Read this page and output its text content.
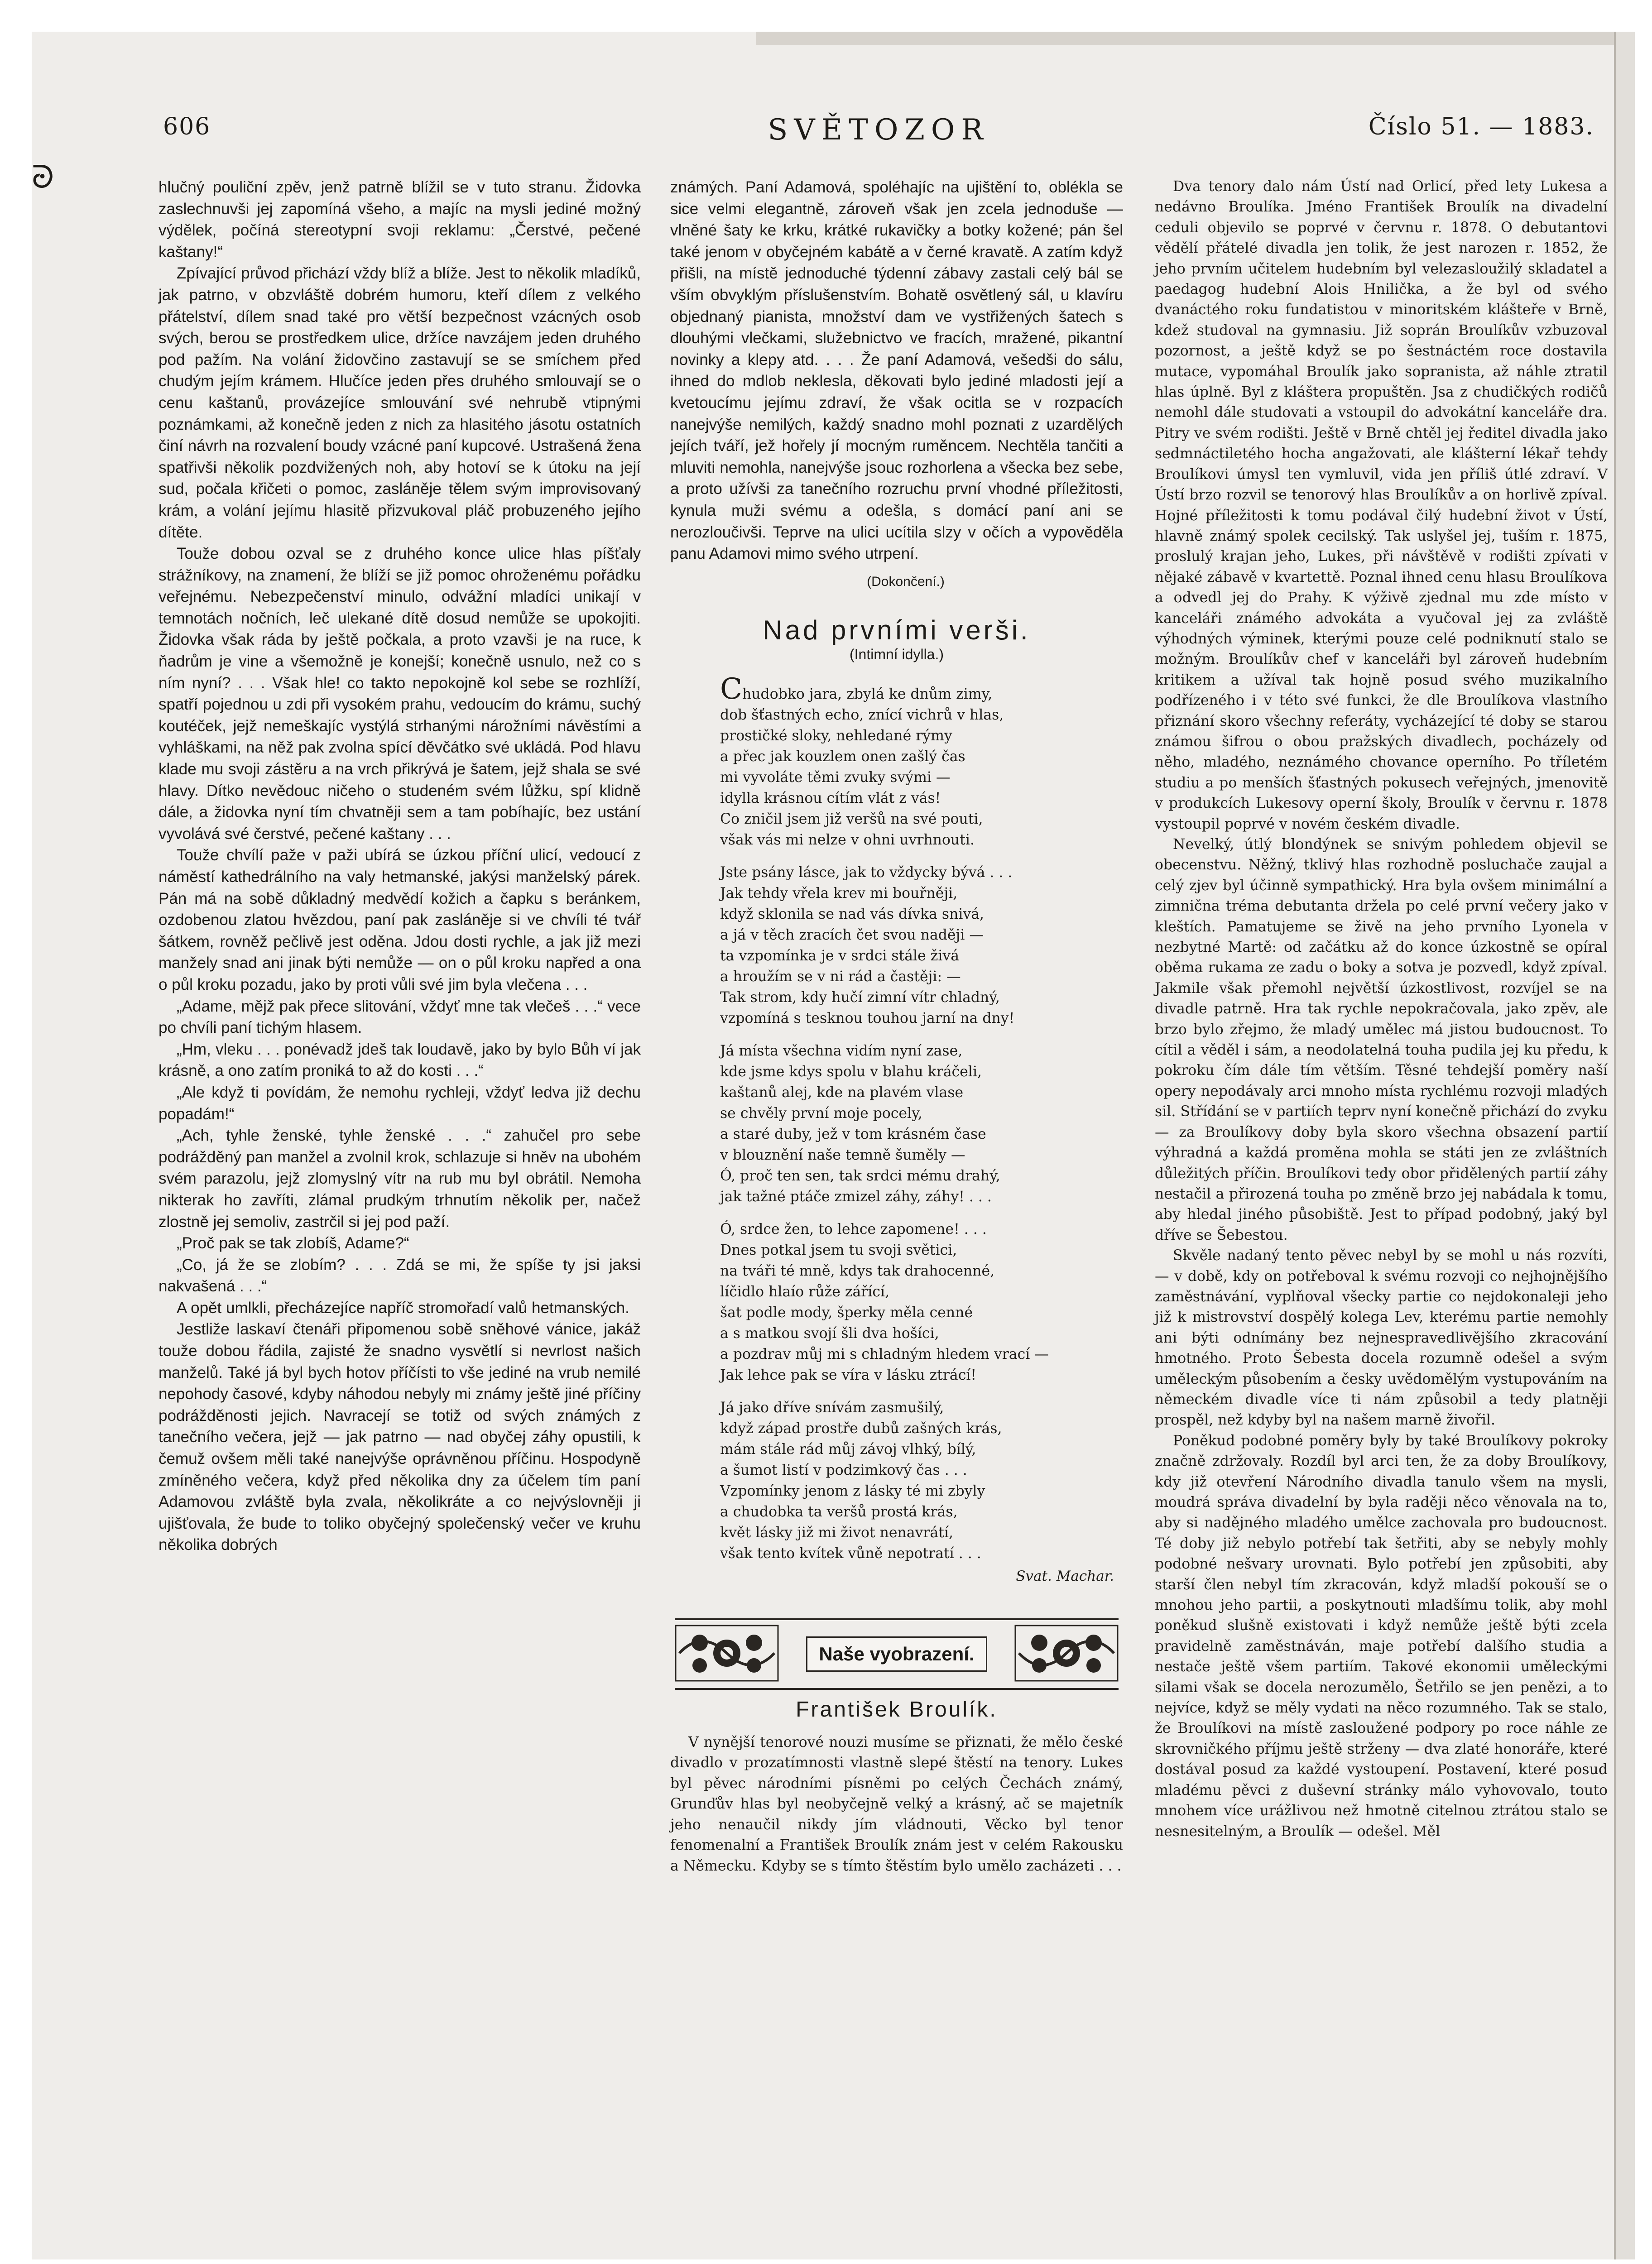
ᘒ
606	SVĚTOZOR	Číslo 51. — 1883.

hlučný pouliční zpěv, jenž patrně blížil se v tuto stranu. Židovka zaslechnuvši jej zapomíná všeho, a majíc na mysli jediné možný výdělek, počíná stereotypní svoji reklamu: „Čerstvé, pečené kaštany!“

Zpívající průvod přichází vždy blíž a blíže. Jest to několik mladíků, jak patrno, v obzvláště dobrém humoru, kteří dílem z velkého přátelství, dílem snad také pro větší bezpečnost vzácných osob svých, berou se prostředkem ulice, držíce navzájem jeden druhého pod pažím. Na volání židovčino zastavují se se smíchem před chudým jejím krámem. Hlučíce jeden přes druhého smlouvají se o cenu kaštanů, provázejíce smlouvání své nehrubě vtipnými poznámkami, až konečně jeden z nich za hlasitého jásotu ostatních činí návrh na rozvalení boudy vzácné paní kupcové. Ustrašená žena spatřivši několik pozdvižených noh, aby hotoví se k útoku na její sud, počala křičeti o pomoc, zasláněje tělem svým improvisovaný krám, a volání jejímu hlasitě přizvukoval pláč probuzeného jejího dítěte.

Touže dobou ozval se z druhého konce ulice hlas píšťaly strážníkovy, na znamení, že blíží se již pomoc ohroženému pořádku veřejnému. Nebezpečenství minulo, odvážní mladíci unikají v temnotách nočních, leč ulekané dítě dosud nemůže se upokojiti. Židovka však ráda by ještě počkala, a proto vzavši je na ruce, k ňadrům je vine a všemožně je konejší; konečně usnulo, než co s ním nyní? . . . Však hle! co takto nepokojně kol sebe se rozhlíží, spatří pojednou u zdi při vysokém prahu, vedoucím do krámu, suchý koutéček, jejž nemeškajíc vystýlá strhanými nárožními návěstími a vyhláškami, na něž pak zvolna spící děvčátko své ukládá. Pod hlavu klade mu svoji zástěru a na vrch přikrývá je šatem, jejž shala se své hlavy. Dítko nevědouc ničeho o studeném svém lůžku, spí klidně dále, a židovka nyní tím chvatněji sem a tam pobíhajíc, bez ustání vyvolává své čerstvé, pečené kaštany . . .

Touže chvílí paže v paži ubírá se úzkou příční ulicí, vedoucí z náměstí kathedrálního na valy hetmanské, jakýsi manželský párek. Pán má na sobě důkladný medvědí kožich a čapku s beránkem, ozdobenou zlatou hvězdou, paní pak zasláněje si ve chvíli té tvář šátkem, rovněž pečlivě jest oděna. Jdou dosti rychle, a jak již mezi manžely snad ani jinak býti nemůže — on o půl kroku napřed a ona o půl kroku pozadu, jako by proti vůli své jim byla vlečena . . .

„Adame, mějž pak přece slitování, vždyť mne tak vlečeš . . .“ vece po chvíli paní tichým hlasem.

„Hm, vleku . . . ponévadž jdeš tak loudavě, jako by bylo Bůh ví jak krásně, a ono zatím proniká to až do kosti . . .“

„Ale když ti povídám, že nemohu rychleji, vždyť ledva již dechu popadám!“

„Ach, tyhle ženské, tyhle ženské . . .“ zahučel pro sebe podrážděný pan manžel a zvolnil krok, schlazuje si hněv na ubohém svém parazolu, jejž zlomyslný vítr na rub mu byl obrátil. Nemoha nikterak ho zavříti, zlámal prudkým trhnutím několik per, načež zlostně jej semoliv, zastrčil si jej pod paží.

„Proč pak se tak zlobíš, Adame?“

„Co, já že se zlobím? . . . Zdá se mi, že spíše ty jsi jaksi nakvašená . . .“

A opět umlkli, přecházejíce napříč stromořadí valů hetmanských.

Jestliže laskaví čtenáři připomenou sobě sněhové vánice, jakáž touže dobou řádila, zajisté že snadno vysvětlí si nevrlost našich manželů. Také já byl bych hotov příčísti to vše jediné na vrub nemilé nepohody časové, kdyby náhodou nebyly mi známy ještě jiné příčiny podrážděnosti jejich. Navracejí se totiž od svých známých z tanečního večera, jejž — jak patrno — nad obyčej záhy opustili, k čemuž ovšem měli také nanejvýše oprávněnou příčinu. Hospodyně zmíněného večera, když před několika dny za účelem tím paní Adamovou zvláště byla zvala, několikráte a co nejvýslovněji ji ujišťovala, že bude to toliko obyčejný společenský večer ve kruhu několika dobrých

známých. Paní Adamová, spoléhajíc na ujištění to, oblékla se sice velmi elegantně, zároveň však jen zcela jednoduše — vlněné šaty ke krku, krátké rukavičky a botky kožené; pán šel také jenom v obyčejném kabátě a v černé kravatě. A zatím když přišli, na místě jednoduché týdenní zábavy zastali celý bál se vším obvyklým příslušenstvím. Bohatě osvětlený sál, u klavíru objednaný pianista, množství dam ve vystřižených šatech s dlouhými vlečkami, služebnictvo ve fracích, mražené, pikantní novinky a klepy atd. . . . Že paní Adamová, vešedši do sálu, ihned do mdlob neklesla, děkovati bylo jediné mladosti její a kvetoucímu jejímu zdraví, že však ocitla se v rozpacích nanejvýše nemilých, každý snadno mohl poznati z uzardělých jejích tváří, jež hořely jí mocným ruměncem. Nechtěla tančiti a mluviti nemohla, nanejvýše jsouc rozhorlena a všecka bez sebe, a proto užívši za tanečního rozruchu první vhodné příležitosti, kynula muži svému a odešla, s domácí paní ani se nerozloučivši. Teprve na ulici ucítila slzy v očích a vypověděla panu Adamovi mimo svého utrpení.

(Dokončení.)

Nad prvními verši.
(Intimní idylla.)

Chudobko jara, zbylá ke dnům zimy,

dob šťastných echo, znící vichrů v hlas,

prostičké sloky, nehledané rýmy

a přec jak kouzlem onen zašlý čas

mi vyvoláte těmi zvuky svými —

idylla krásnou cítím vlát z vás!

Co zničil jsem již veršů na své pouti,

však vás mi nelze v ohni uvrhnouti.

Jste psány lásce, jak to vždycky bývá . . .

Jak tehdy vřela krev mi bouřněji,

když sklonila se nad vás dívka snivá,

a já v těch zracích čet svou naději —

ta vzpomínka je v srdci stále živá

a hroužím se v ni rád a častěji: —

Tak strom, kdy hučí zimní vítr chladný,

vzpomíná s tesknou touhou jarní na dny!

Já místa všechna vidím nyní zase,

kde jsme kdys spolu v blahu kráčeli,

kaštanů alej, kde na plavém vlase

se chvěly první moje pocely,

a staré duby, jež v tom krásném čase

v blouznění naše temně šuměly —

Ó, proč ten sen, tak srdci mému drahý,

jak tažné ptáče zmizel záhy, záhy! . . .

Ó, srdce žen, to lehce zapomene! . . .

Dnes potkal jsem tu svoji světici,

na tváři té mně, kdys tak drahocenné,

líčidlo hlaío růže zářící,

šat podle mody, šperky měla cenné

a s matkou svojí šli dva hošíci,

a pozdrav můj mi s chladným hledem vrací —

Jak lehce pak se víra v lásku ztrácí!

Já jako dříve snívám zasmušilý,

když západ prostře dubů zašných krás,

mám stále rád můj závoj vlhký, bílý,

a šumot listí v podzimkový čas . . .

Vzpomínky jenom z lásky té mi zbyly

a chudobka ta veršů prostá krás,

květ lásky již mi život nenavrátí,

však tento kvítek vůně nepotratí . . .

Svat. Machar.
Naše vyobrazení.
František Broulík.

V nynější tenorové nouzi musíme se přiznati, že mělo české divadlo v prozatímnosti vlastně slepé štěstí na tenory. Lukes byl pěvec národními písněmi po celých Čechách známý, Grunďův hlas byl neobyčejně velký a krásný, ač se majetník jeho nenaučil nikdy jím vládnouti, Věcko byl tenor fenomenalní a František Broulík znám jest v celém Rakousku a Německu. Kdyby se s tímto štěstím bylo umělo zacházeti . . .

Dva tenory dalo nám Ústí nad Orlicí, před lety Lukesa a nedávno Broulíka. Jméno František Broulík na divadelní ceduli objevilo se poprvé v červnu r. 1878. O debutantovi vědělí přátelé divadla jen tolik, že jest narozen r. 1852, že jeho prvním učitelem hudebním byl velezasloužilý skladatel a paedagog hudební Alois Hnilička, a že byl od svého dvanáctého roku fundatistou v minoritském klášteře v Brně, kdež studoval na gymnasiu. Již soprán Broulíkův vzbuzoval pozornost, a ještě když se po šestnáctém roce dostavila mutace, vypomáhal Broulík jako sopranista, až náhle ztratil hlas úplně. Byl z kláštera propuštěn. Jsa z chudičkých rodičů nemohl dále studovati a vstoupil do advokátní kanceláře dra. Pitry ve svém rodišti. Ještě v Brně chtěl jej ředitel divadla jako sedmnáctiletého hocha angažovati, ale klášterní lékař tehdy Broulíkovi úmysl ten vymluvil, vida jen příliš útlé zdraví. V Ústí brzo rozvil se tenorový hlas Broulíkův a on horlivě zpíval. Hojné příležitosti k tomu podával čilý hudební život v Ústí, hlavně známý spolek cecilský. Tak uslyšel jej, tuším r. 1875, proslulý krajan jeho, Lukes, při návštěvě v rodišti zpívati v nějaké zábavě v kvartettě. Poznal ihned cenu hlasu Broulíkova a odvedl jej do Prahy. K výživě zjednal mu zde místo v kanceláři známého advokáta a vyučoval jej za zvláště výhodných výminek, kterými pouze celé podniknutí stalo se možným. Broulíkův chef v kanceláři byl zároveň hudebním kritikem a užíval tak hojně posud svého muzikalního podřízeného i v této své funkci, že dle Broulíkova vlastního přiznání skoro všechny referáty, vycházející té doby se starou známou šifrou o obou pražských divadlech, pocházely od něho, mladého, neznámého chovance operního. Po tříletém studiu a po menších šťastných pokusech veřejných, jmenovitě v produkcích Lukesovy operní školy, Broulík v červnu r. 1878 vystoupil poprvé v novém českém divadle.

Nevelký, útlý blondýnek se snivým pohledem objevil se obecenstvu. Něžný, tklivý hlas rozhodně posluchače zaujal a celý zjev byl účinně sympathický. Hra byla ovšem minimální a zimnična tréma debutanta držela po celé první večery jako v kleštích. Pamatujeme se živě na jeho prvního Lyonela v nezbytné Martě: od začátku až do konce úzkostně se opíral oběma rukama ze zadu o boky a sotva je pozvedl, když zpíval. Jakmile však přemohl největší úzkostlivost, rozvíjel se na divadle patrně. Hra tak rychle nepokračovala, jako zpěv, ale brzo bylo zřejmo, že mladý umělec má jistou budoucnost. To cítil a věděl i sám, a neodolatelná touha pudila jej ku předu, k pokroku čím dále tím větším. Těsné tehdejší poměry naší opery nepodávaly arci mnoho místa rychlému rozvoji mladých sil. Střídání se v partiích teprv nyní konečně přichází do zvyku — za Broulíkovy doby byla skoro všechna obsazení partií výhradná a každá proměna mohla se státi jen ze zvláštních důležitých příčin. Broulíkovi tedy obor přidělených partií záhy nestačil a přirozená touha po změně brzo jej nabádala k tomu, aby hledal jiného působiště. Jest to případ podobný, jaký byl dříve se Šebestou.

Skvěle nadaný tento pěvec nebyl by se mohl u nás rozvíti, — v době, kdy on potřeboval k svému rozvoji co nejhojnějšího zaměstnávání, vyplňoval všecky partie co nejdokonaleji jeho již k mistrovství dospělý kolega Lev, kterému partie nemohly ani býti odnímány bez nejnespravedlivějšího zkracování hmotného. Proto Šebesta docela rozumně odešel a svým uměleckým působením a česky uvědomělým vystupováním na německém divadle více ti nám způsobil a tedy platněji prospěl, než kdyby byl na našem marně živořil.

Poněkud podobné poměry byly by také Broulíkovy pokroky značně zdržovaly. Rozdíl byl arci ten, že za doby Broulíkovy, kdy již otevření Národního divadla tanulo všem na mysli, moudrá správa divadelní by byla raději něco věnovala na to, aby si nadějného mladého umělce zachovala pro budoucnost. Té doby již nebylo potřebí tak šetřiti, aby se nebyly mohly podobné nešvary urovnati. Bylo potřebí jen způsobiti, aby starší člen nebyl tím zkracován, když mladší pokouší se o mnohou jeho partii, a poskytnouti mladšímu tolik, aby mohl poněkud slušně existovati i když nemůže ještě býti zcela pravidelně zaměstnáván, maje potřebí dalšího studia a nestače ještě všem partiím. Takové ekonomii uměleckými silami však se docela nerozumělo, Šetřilo se jen penězi, a to nejvíce, když se měly vydati na něco rozumného. Tak se stalo, že Broulíkovi na místě zasloužené podpory po roce náhle ze skrovničkého příjmu ještě strženy — dva zlaté honoráře, které dostával posud za každé vystoupení. Postavení, které posud mladému pěvci z duševní stránky málo vyhovovalo, touto mnohem více urážlivou než hmotně citelnou ztrátou stalo se nesnesitelným, a Broulík — odešel. Měl
